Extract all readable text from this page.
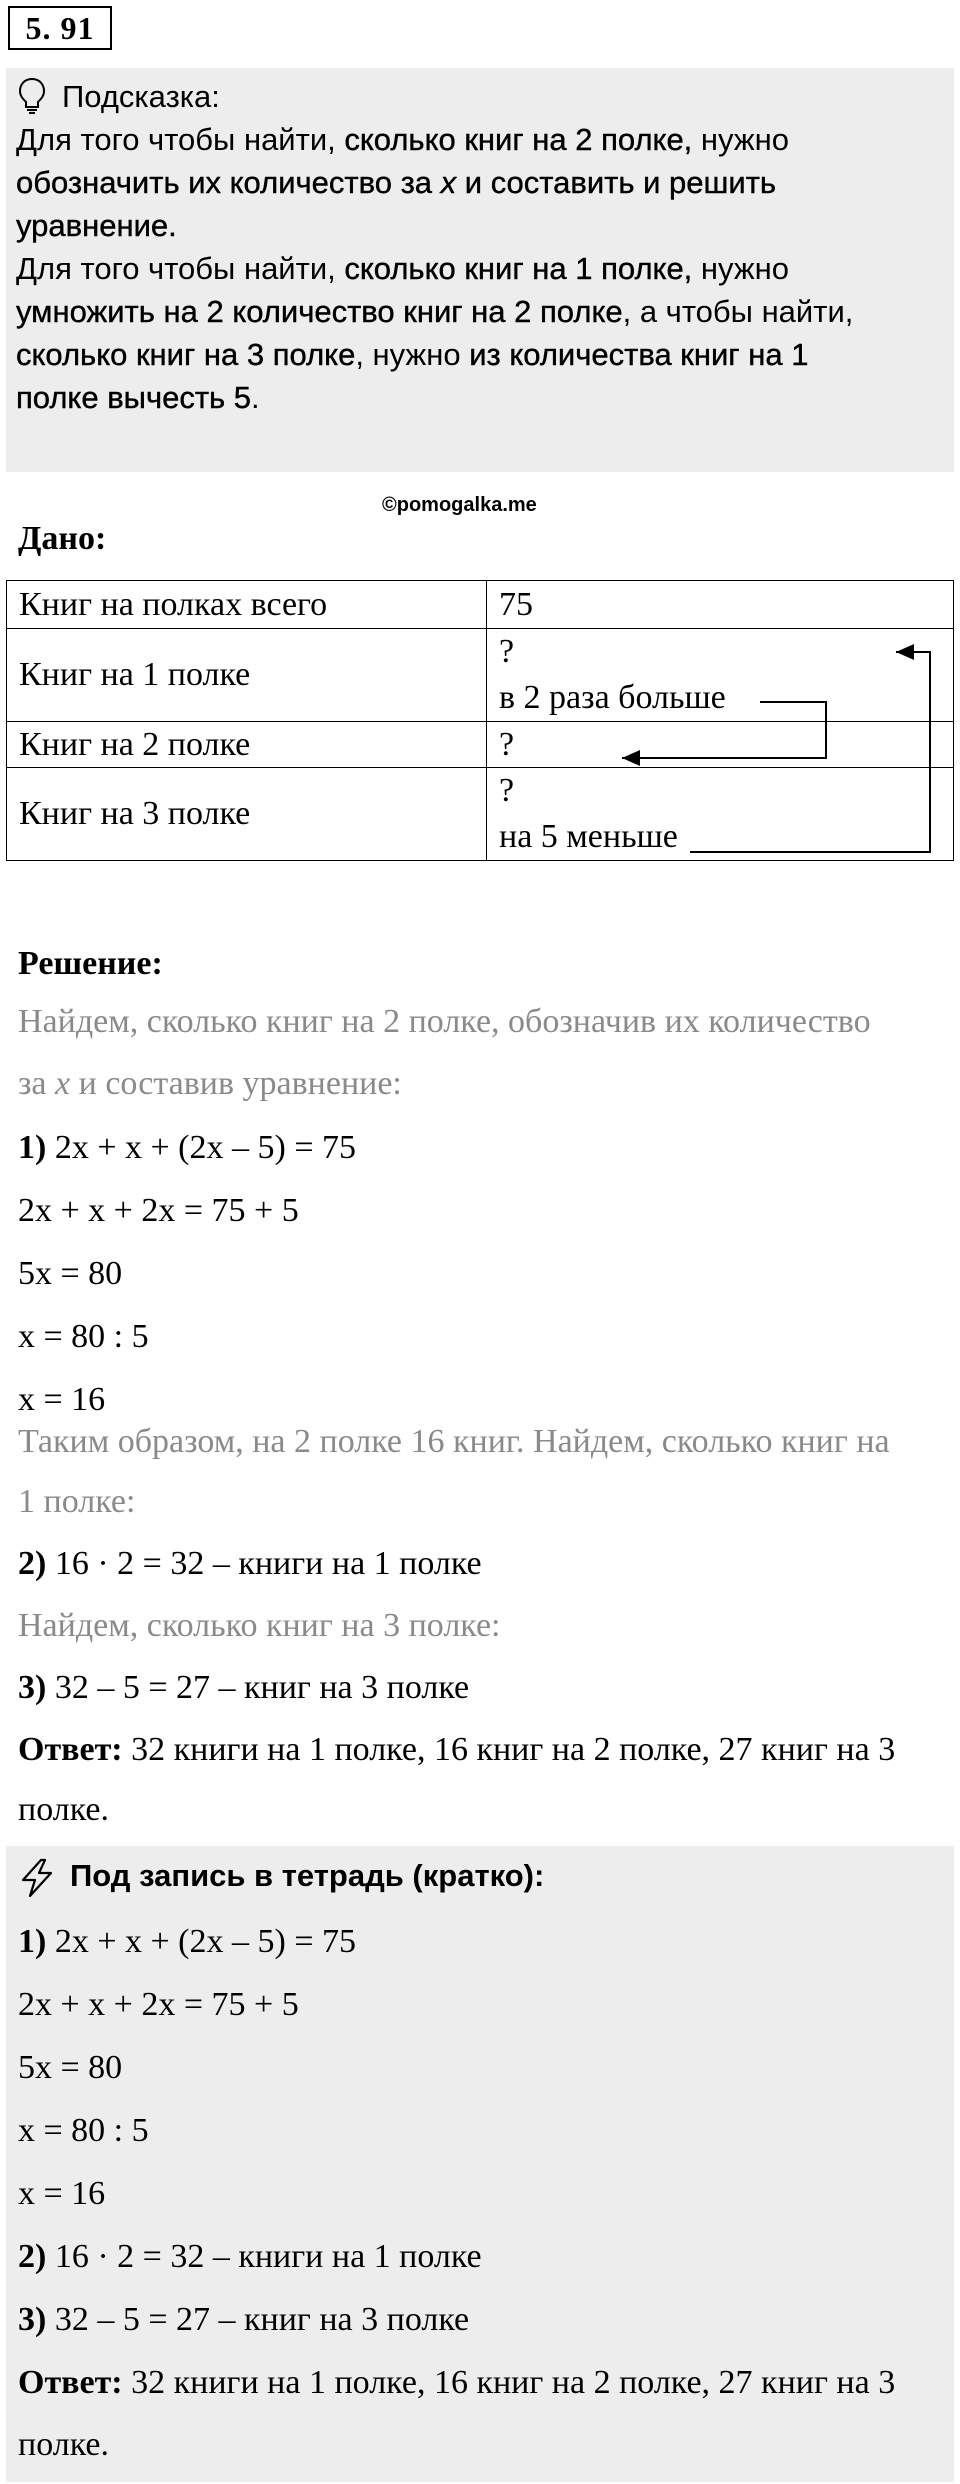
5. 91
Подсказка:
Для того чтобы найти, сколько книг на 2 полке, нужно
обозначить их количество за x и составить и решить
уравнение.
Для того чтобы найти, сколько книг на 1 полке, нужно
умножить на 2 количество книг на 2 полке, а чтобы найти,
сколько книг на 3 полке, нужно из количества книг на 1
полке вычесть 5.
©pomogalka.me
Дано:
Книг на полках всего	75
Книг на 1 полке	?
в 2 раза больше

Книг на 2 полке	?
Книг на 3 полке	?
на 5 меньше
Решение:
Найдем, сколько книг на 2 полке, обозначив их количество
за x и составив уравнение:
1) 2x + x + (2x – 5) = 75
2x + x + 2x = 75 + 5
5x = 80
x = 80 : 5
x = 16
Таким образом, на 2 полке 16 книг. Найдем, сколько книг на
1 полке:
2) 16 · 2 = 32 – книги на 1 полке
Найдем, сколько книг на 3 полке:
3) 32 – 5 = 27 – книг на 3 полке
Ответ: 32 книги на 1 полке, 16 книг на 2 полке, 27 книг на 3
полке.
Под запись в тетрадь (кратко):
1) 2x + x + (2x – 5) = 75
2x + x + 2x = 75 + 5
5x = 80
x = 80 : 5
x = 16
2) 16 · 2 = 32 – книги на 1 полке
3) 32 – 5 = 27 – книг на 3 полке
Ответ: 32 книги на 1 полке, 16 книг на 2 полке, 27 книг на 3
полке.
